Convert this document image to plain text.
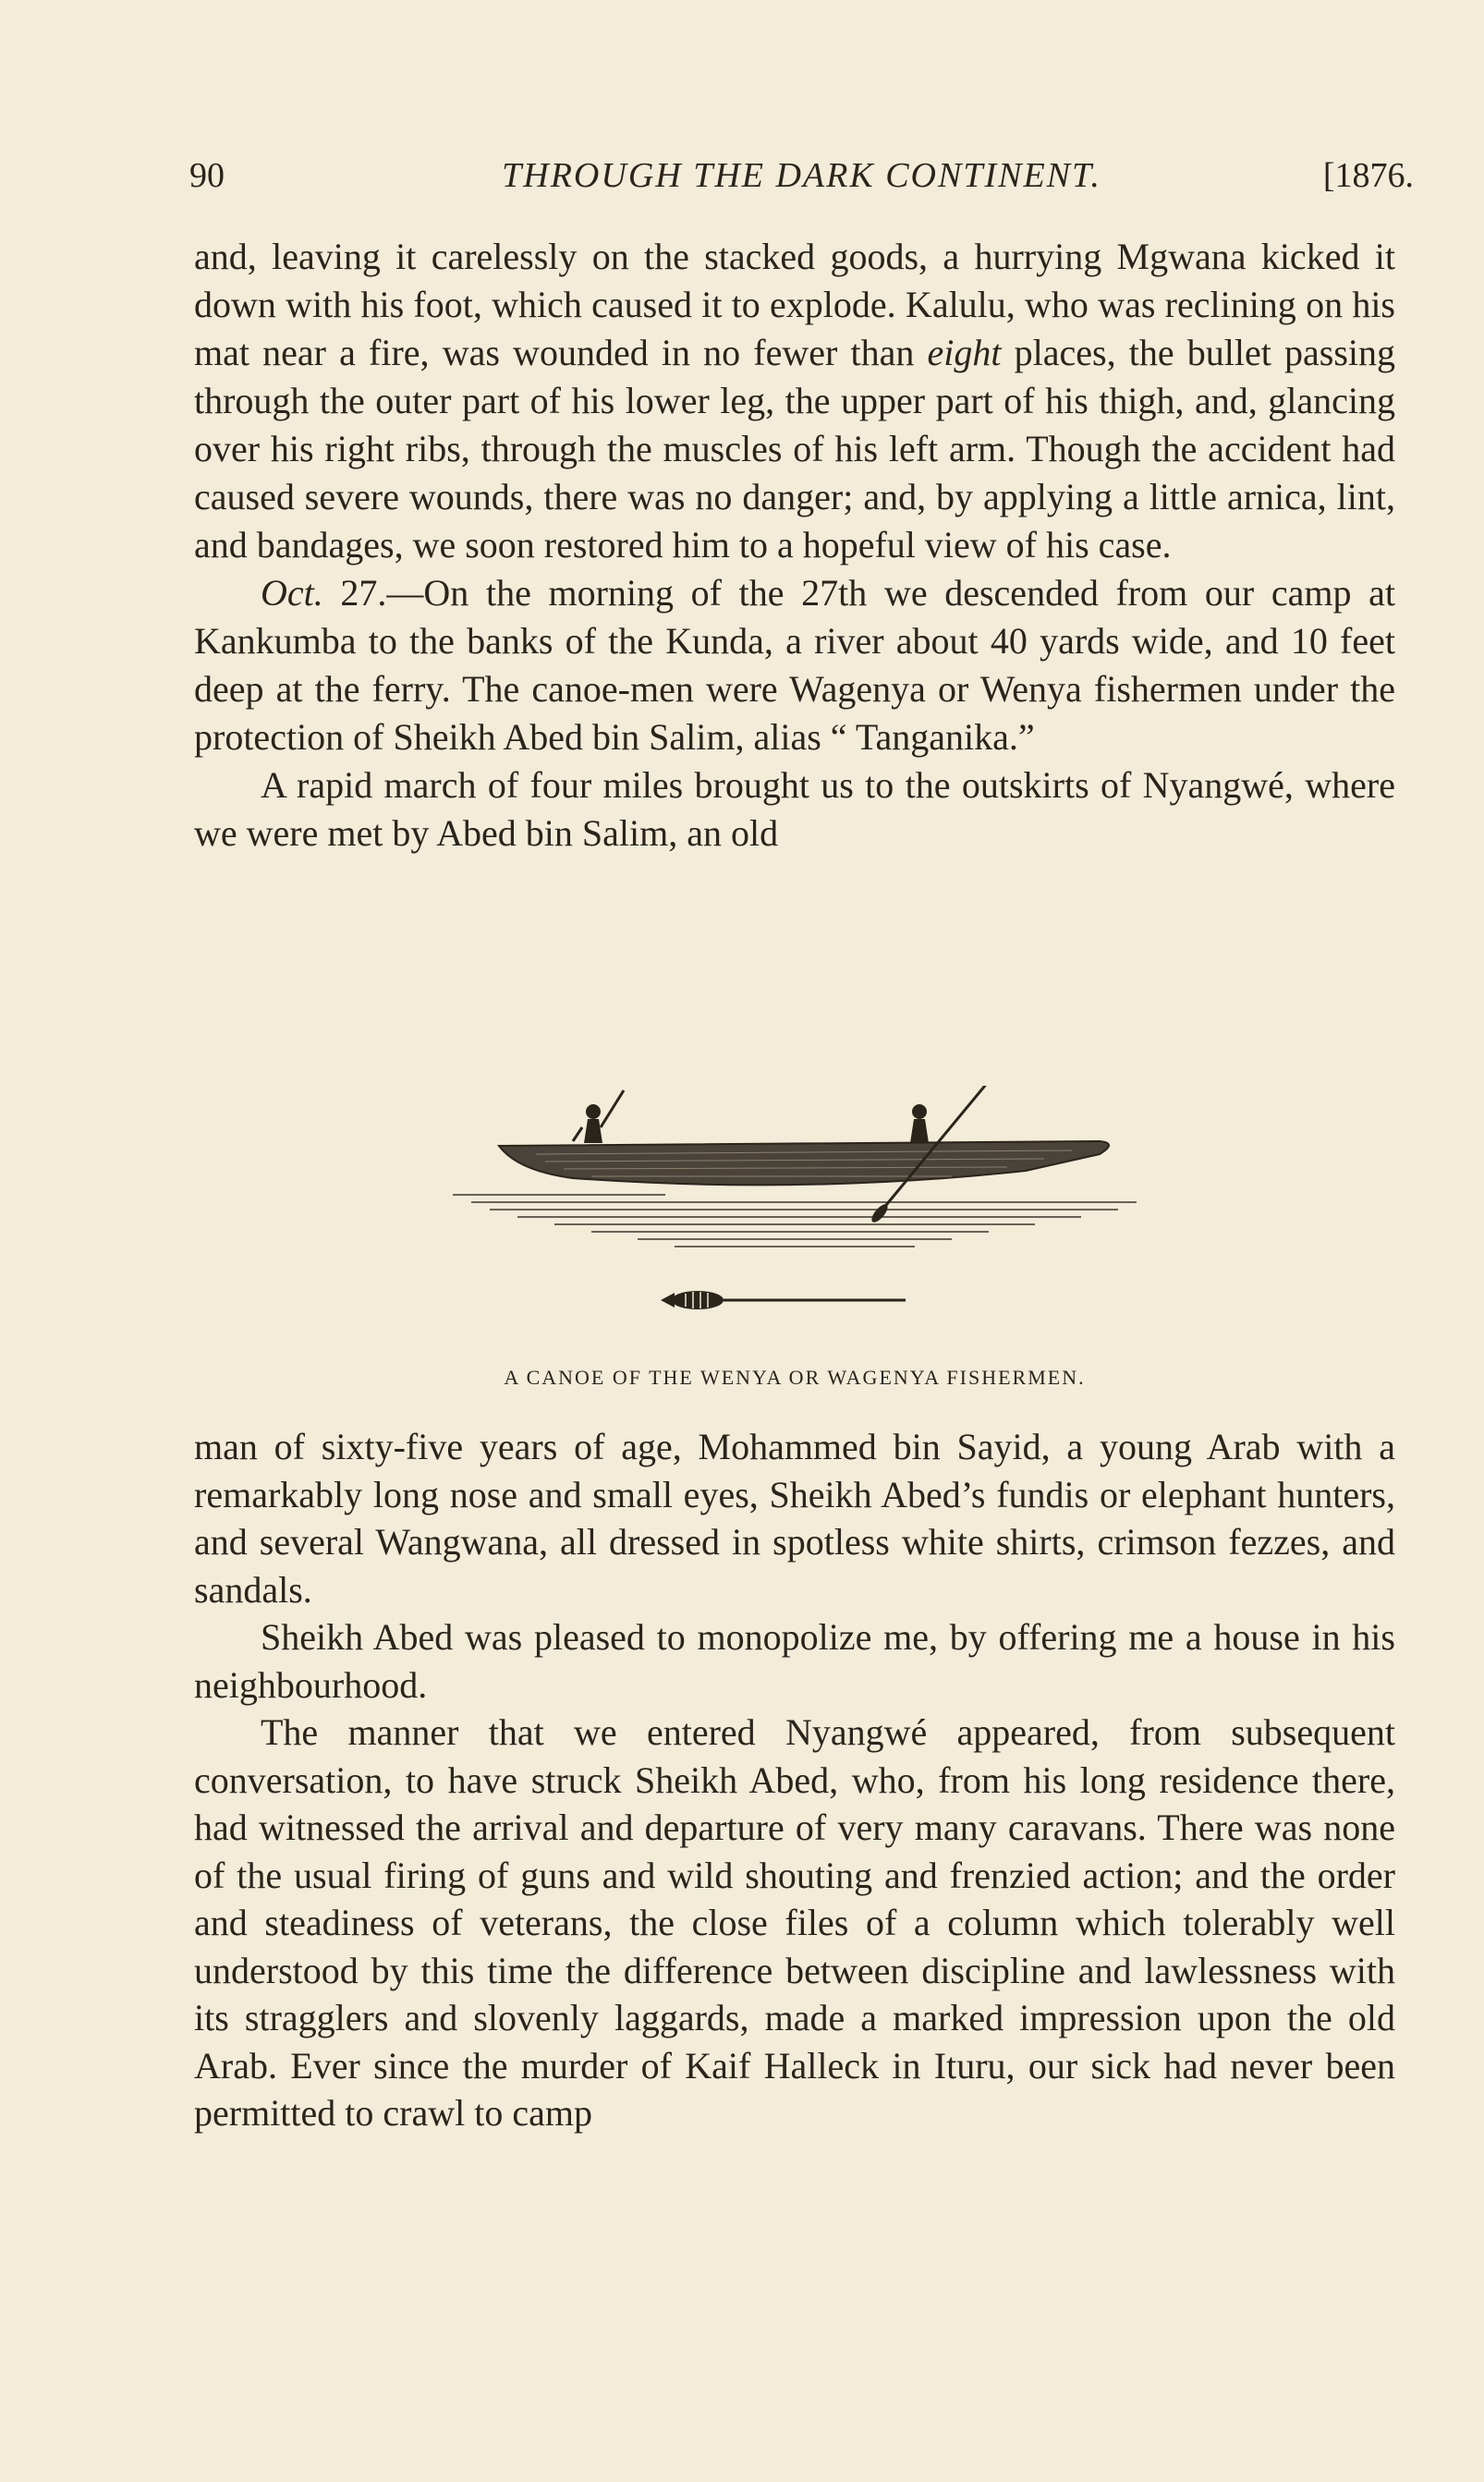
90	THROUGH THE DARK CONTINENT.	[1876.

and, leaving it carelessly on the stacked goods, a hurrying Mgwana kicked it down with his foot, which caused it to explode. Kalulu, who was reclining on his mat near a fire, was wounded in no fewer than eight places, the bullet passing through the outer part of his lower leg, the upper part of his thigh, and, glancing over his right ribs, through the muscles of his left arm. Though the accident had caused severe wounds, there was no danger; and, by applying a little arnica, lint, and bandages, we soon restored him to a hopeful view of his case.

Oct. 27.—On the morning of the 27th we descended from our camp at Kankumba to the banks of the Kunda, a river about 40 yards wide, and 10 feet deep at the ferry. The canoe-men were Wagenya or Wenya fishermen under the protection of Sheikh Abed bin Salim, alias “ Tanganika.”

A rapid march of four miles brought us to the outskirts of Nyangwé, where we were met by Abed bin Salim, an old

A CANOE OF THE WENYA OR WAGENYA FISHERMEN.

man of sixty-five years of age, Mohammed bin Sayid, a young Arab with a remarkably long nose and small eyes, Sheikh Abed’s fundis or elephant hunters, and several Wangwana, all dressed in spotless white shirts, crimson fezzes, and sandals.

Sheikh Abed was pleased to monopolize me, by offering me a house in his neighbourhood.

The manner that we entered Nyangwé appeared, from subsequent conversation, to have struck Sheikh Abed, who, from his long residence there, had witnessed the arrival and departure of very many caravans. There was none of the usual firing of guns and wild shouting and frenzied action; and the order and steadiness of veterans, the close files of a column which tolerably well understood by this time the difference between discipline and lawlessness with its stragglers and slovenly laggards, made a marked impression upon the old Arab. Ever since the murder of Kaif Halleck in Ituru, our sick had never been permitted to crawl to camp
